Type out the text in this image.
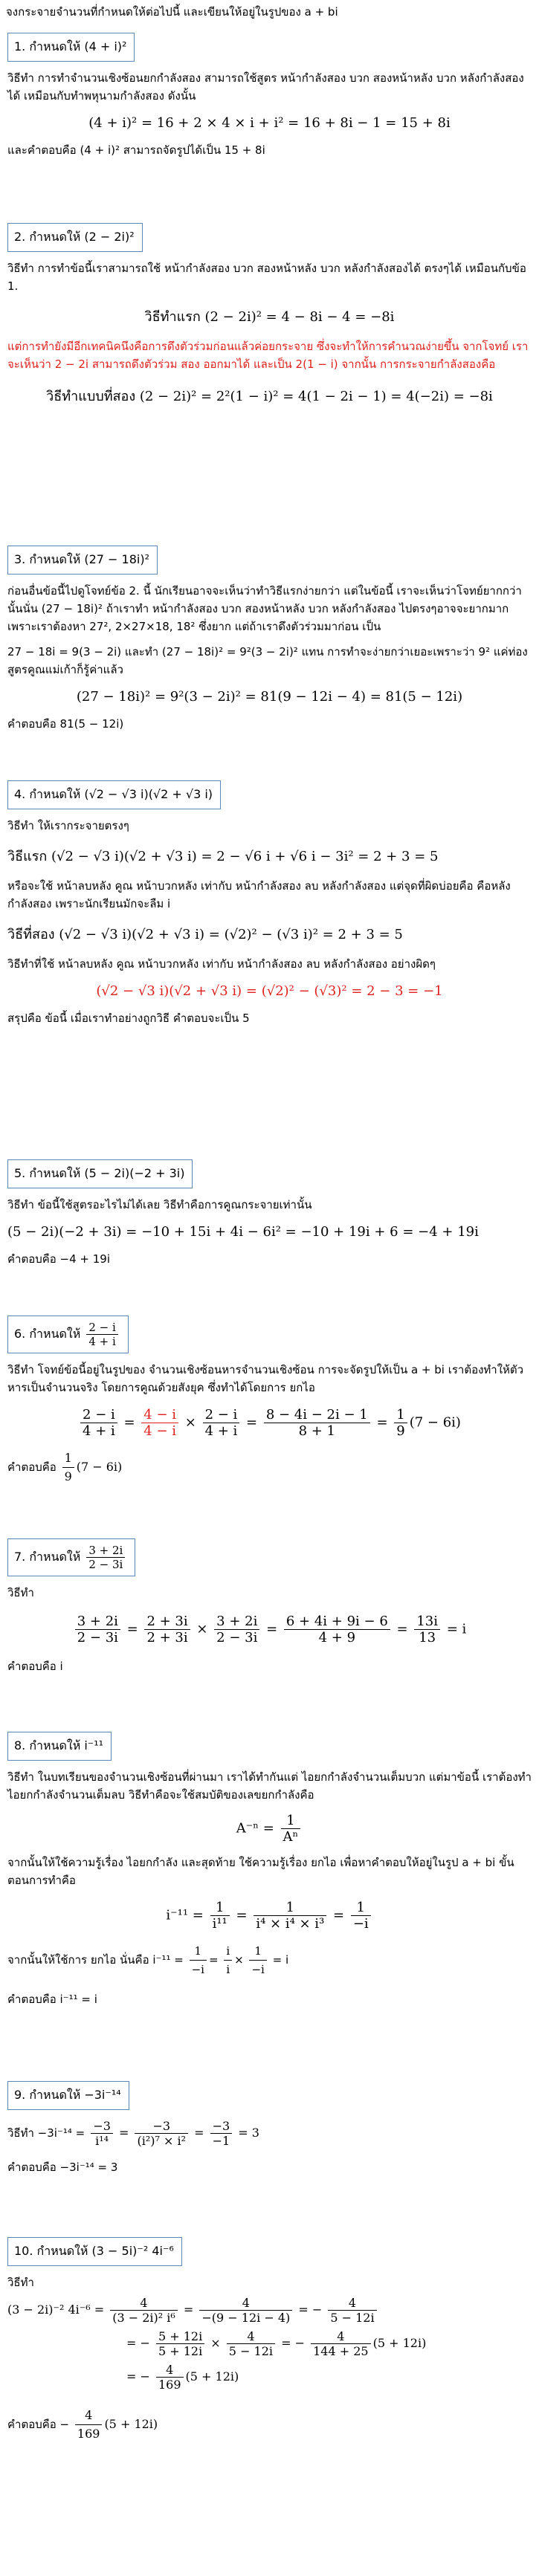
จงกระจายจำนวนที่กำหนดให้ต่อไปนี้ และเขียนให้อยู่ในรูปของ a + bi
1. กำหนดให้ (4 + i)²
วิธีทำ การทำจำนวนเชิงซ้อนยกกำลังสอง สามารถใช้สูตร หน้ากำลังสอง บวก สองหน้าหลัง บวก หลังกำลังสองได้ เหมือนกับทำพหุนามกำลังสอง ดังนั้น
(4 + i)² = 16 + 2 × 4 × i + i² = 16 + 8i − 1 = 15 + 8i
และคำตอบคือ (4 + i)² สามารถจัดรูปได้เป็น 15 + 8i
2. กำหนดให้ (2 − 2i)²
วิธีทำ การทำข้อนี้เราสามารถใช้ หน้ากำลังสอง บวก สองหน้าหลัง บวก หลังกำลังสองได้ ตรงๆได้ เหมือนกับข้อ 1.
วิธีทำแรก (2 − 2i)² = 4 − 8i − 4 = −8i
แต่การทำยังมีอีกเทคนิคนึงคือการดึงตัวร่วมก่อนแล้วค่อยกระจาย ซึ่งจะทำให้การคำนวณง่ายขึ้น จากโจทย์ เราจะเห็นว่า 2 − 2i สามารถดึงตัวร่วม สอง ออกมาได้ และเป็น 2(1 − i) จากนั้น การกระจายกำลังสองคือ
วิธีทำแบบที่สอง (2 − 2i)² = 2²(1 − i)² = 4(1 − 2i − 1) = 4(−2i) = −8i
3. กำหนดให้ (27 − 18i)²
ก่อนอื่นข้อนี้ไปดูโจทย์ข้อ 2. นี้ นักเรียนอาจจะเห็นว่าทำวิธีแรกง่ายกว่า แต่ในข้อนี้ เราจะเห็นว่าโจทย์ยากกว่านั้นนั่น (27 − 18i)² ถ้าเราทำ หน้ากำลังสอง บวก สองหน้าหลัง บวก หลังกำลังสอง ไปตรงๆอาจจะยากมาก เพราะเราต้องหา 27², 2×27×18, 18² ซึ่งยาก แต่ถ้าเราดึงตัวร่วมมาก่อน เป็น
27 − 18i = 9(3 − 2i) และทำ (27 − 18i)² = 9²(3 − 2i)² แทน การทำจะง่ายกว่าเยอะเพราะว่า 9² แค่ท่องสูตรคูณแม่เก้าก็รู้ค่าแล้ว
(27 − 18i)² = 9²(3 − 2i)² = 81(9 − 12i − 4) = 81(5 − 12i)
คำตอบคือ 81(5 − 12i)
4. กำหนดให้ (√2 − √3 i)(√2 + √3 i)
วิธีทำ ให้เรากระจายตรงๆ
วิธีแรก (√2 − √3 i)(√2 + √3 i) = 2 − √6 i + √6 i − 3i² = 2 + 3 = 5
หรือจะใช้ หน้าลบหลัง คูณ หน้าบวกหลัง เท่ากับ หน้ากำลังสอง ลบ หลังกำลังสอง แต่จุดที่ผิดบ่อยคือ คือหลังกำลังสอง เพราะนักเรียนมักจะลืม i
วิธีที่สอง (√2 − √3 i)(√2 + √3 i) = (√2)² − (√3 i)² = 2 + 3 = 5
วิธีทำที่ใช้ หน้าลบหลัง คูณ หน้าบวกหลัง เท่ากับ หน้ากำลังสอง ลบ หลังกำลังสอง อย่างผิดๆ
(√2 − √3 i)(√2 + √3 i) = (√2)² − (√3)² = 2 − 3 = −1
สรุปคือ ข้อนี้ เมื่อเราทำอย่างถูกวิธี คำตอบจะเป็น 5
5. กำหนดให้ (5 − 2i)(−2 + 3i)
วิธีทำ ข้อนี้ใช้สูตรอะไรไม่ได้เลย วิธีทำคือการคูณกระจายเท่านั้น
(5 − 2i)(−2 + 3i) = −10 + 15i + 4i − 6i² = −10 + 19i + 6 = −4 + 19i
คำตอบคือ −4 + 19i
6. กำหนดให้ $\frac{2 - i}{4 + i}$
วิธีทำ โจทย์ข้อนี้อยู่ในรูปของ จำนวนเชิงซ้อนหารจำนวนเชิงซ้อน การจะจัดรูปให้เป็น a + bi เราต้องทำให้ตัวหารเป็นจำนวนจริง โดยการคูณด้วยสังยุค ซึ่งทำได้โดยการ ยกไอ
$\frac{2 - i}{4 + i} = \frac{4 - i}{4 - i} \times \frac{2 - i}{4 + i} = \frac{8 - 4i - 2i - 1}{8 + 1} = \frac{1}{9} (7 - 6i)$
คำตอบคือ $\frac{1}{9} (7 - 6i)$
7. กำหนดให้ $\frac{3 + 2i}{2 - 3i}$
วิธีทำ
$\frac{3 + 2i}{2 - 3i} = \frac{2 + 3i}{2 + 3i} \times \frac{3 + 2i}{2 - 3i} = \frac{6 + 4i + 9i - 6}{4 + 9} = \frac{13i}{13} = i$
คำตอบคือ i
8. กำหนดให้ i⁻¹¹
วิธีทำ ในบทเรียนของจำนวนเชิงซ้อนที่ผ่านมา เราได้ทำกันแต่ ไอยกกำลังจำนวนเต็มบวก แต่มาข้อนี้ เราต้องทำ ไอยกกำลังจำนวนเต็มลบ วิธีทำคือจะใช้สมบัติของเลขยกกำลังคือ
$A^{-n} = \frac{1}{\text{Aⁿ}}$
จากนั้นให้ใช้ความรู้เรื่อง ไอยกกำลัง และสุดท้าย ใช้ความรู้เรื่อง ยกไอ เพื่อหาคำตอบให้อยู่ในรูป a + bi ขั้นตอนการทำคือ
$i^{-11} = \frac{1}{\text{i¹¹}} = \frac{1}{\text{i⁴ × i⁴ × i³}} = \frac{1}{-i}$
จากนั้นให้ใช้การ ยกไอ นั่นคือ $i^{-11} = \frac{1}{-i} = \frac{i}{i} \times \frac{1}{-i} = i$
คำตอบคือ i⁻¹¹ = i
9. กำหนดให้ −3i⁻¹⁴
วิธีทำ $-3i^{-14} = \frac{-3}{\text{i¹⁴}} = \frac{-3}{\text{(i²)⁷ × i²}} = \frac{-3}{-1} = 3$
คำตอบคือ −3i⁻¹⁴ = 3
10. กำหนดให้ (3 − 5i)⁻² 4i⁻⁶
วิธีทำ
(3 − 2i)⁻² $4i^{-6} = \frac{4}{\text{(3 − 2i)² i⁶}} = \frac{4}{-(9 - 12i - 4)}$ = − $\frac{4}{5 - 12i}$
= − $\frac{5 + 12i}{5 + 12i} \times \frac{4}{5 - 12i}$ = − $\frac{4}{144 + 25} (5 + 12i)$
= − $\frac{4}{169} (5 + 12i)$
คำตอบคือ − $\frac{4}{169} (5 + 12i)$
